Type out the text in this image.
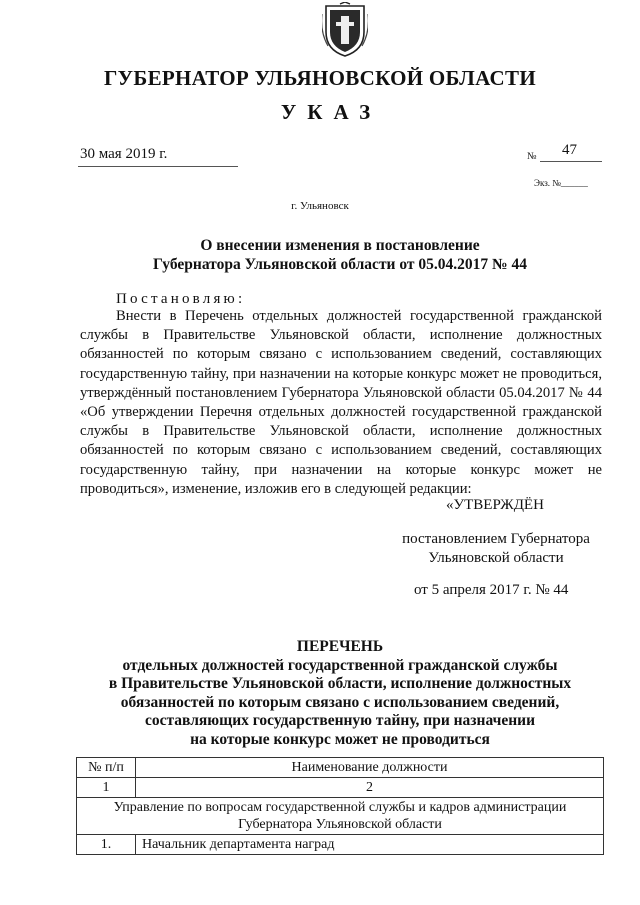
ГУБЕРНАТОР УЛЬЯНОВСКОЙ ОБЛАСТИ
УКАЗ
30 мая 2019 г.	№ 47
Экз. №______
г. Ульяновск
О внесении изменения в постановление
Губернатора Ульяновской области от 05.04.2017 № 44
Постановляю:
Внести в Перечень отдельных должностей государственной гражданской службы в Правительстве Ульяновской области, исполнение должностных обязанностей по которым связано с использованием сведений, составляющих государственную тайну, при назначении на которые конкурс может не проводиться, утверждённый постановлением Губернатора Ульяновской области 05.04.2017 № 44 «Об утверждении Перечня отдельных должностей государственной гражданской службы в Правительстве Ульяновской области, исполнение должностных обязанностей по которым связано с использованием сведений, составляющих государственную тайну, при назначении на которые конкурс может не проводиться», изменение, изложив его в следующей редакции:
«УТВЕРЖДЁН
постановлением Губернатора
Ульяновской области
от 5 апреля 2017 г. № 44
ПЕРЕЧЕНЬ
отдельных должностей государственной гражданской службы
в Правительстве Ульяновской области, исполнение должностных
обязанностей по которым связано с использованием сведений,
составляющих государственную тайну, при назначении
на которые конкурс может не проводиться
№ п/п	Наименование должности
1	2
Управление по вопросам государственной службы и кадров администрации Губернатора Ульяновской области	
1.	Начальник департамента наград
